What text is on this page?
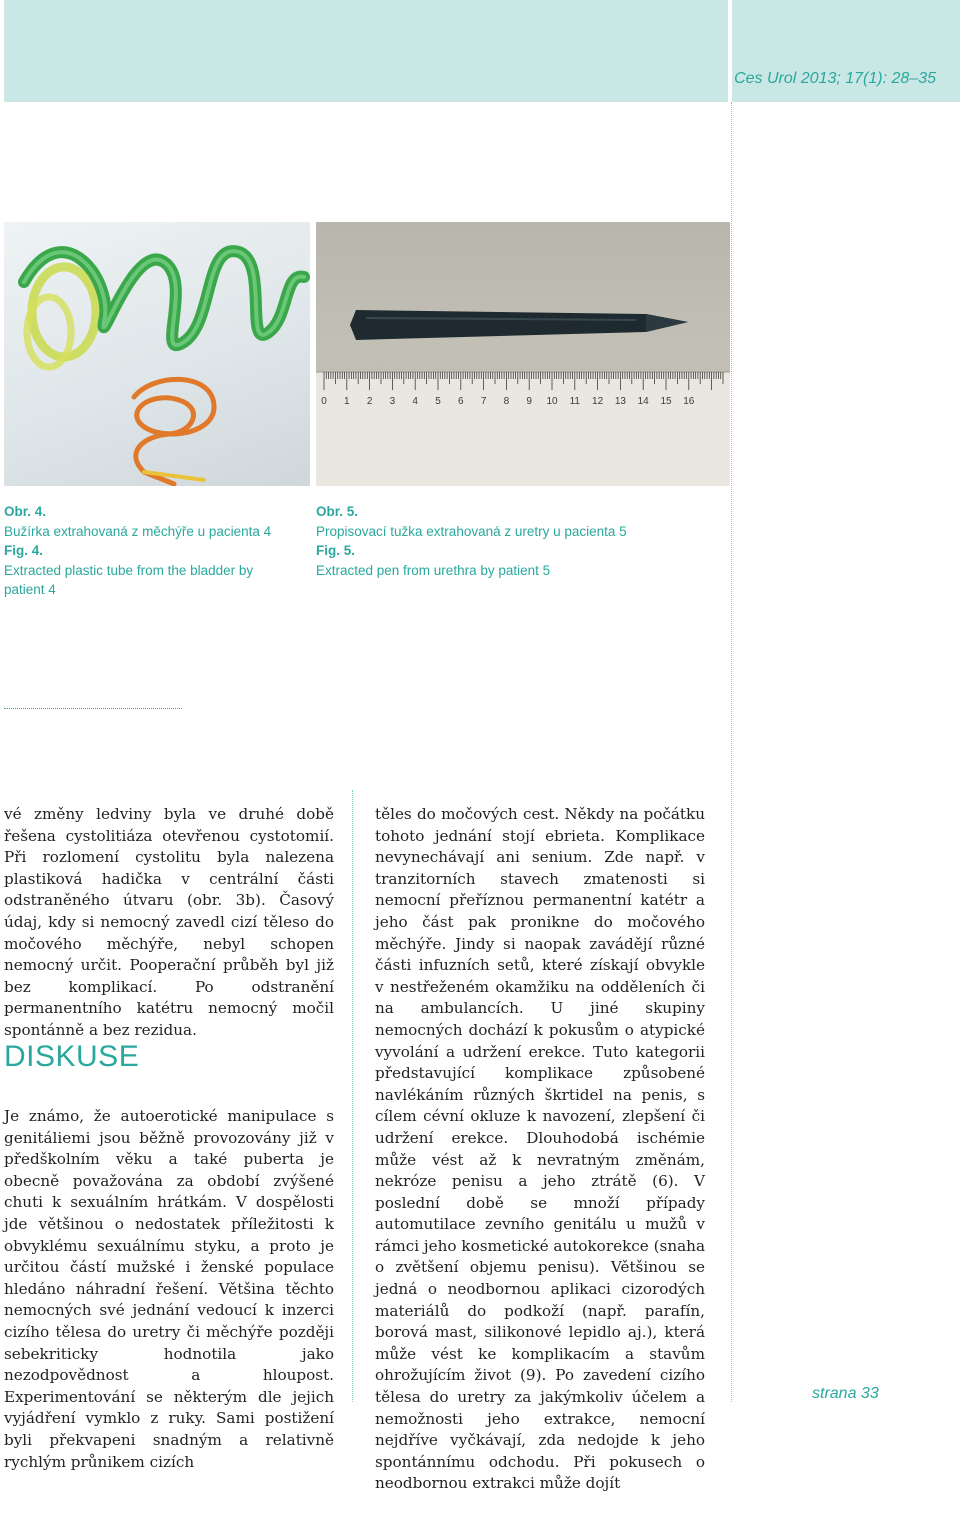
Ces Urol 2013; 17(1): 28–35
0 1 2 3 4 5 6 7 8 9 10 11 12 13 14 15 16
Obr. 4.
Bužírka extrahovaná z měchýře u pacienta 4
Fig. 4.
Extracted plastic tube from the bladder by patient 4
Obr. 5.
Propisovací tužka extrahovaná z uretry u pacienta 5
Fig. 5.
Extracted pen from urethra by patient 5

vé změny ledviny byla ve druhé době řešena cystolitiáza otevřenou cystotomií. Při rozlomení cystolitu byla nalezena plastiková hadička v centrální části odstraněného útvaru (obr. 3b). Časový údaj, kdy si nemocný zavedl cizí těleso do močového měchýře, nebyl schopen nemocný určit. Pooperační průběh byl již bez komplikací. Po odstranění permanentního katétru nemocný močil spontánně a bez rezidua.

DISKUSE

Je známo, že autoerotické manipulace s genitáliemi jsou běžně provozovány již v předškolním věku a také puberta je obecně považována za období zvýšené chuti k sexuálním hrátkám. V dospělosti jde většinou o nedostatek příležitosti k obvyklému sexuálnímu styku, a proto je určitou částí mužské i ženské populace hledáno náhradní řešení. Většina těchto nemocných své jednání vedoucí k inzerci cizího tělesa do uretry či měchýře později sebekriticky hodnotila jako nezodpovědnost a hloupost. Experimentování se některým dle jejich vyjádření vymklo z ruky. Sami postižení byli překvapeni snadným a relativně rychlým průnikem cizích

těles do močových cest. Někdy na počátku tohoto jednání stojí ebrieta. Komplikace nevynechávají ani senium. Zde např. v tranzitorních stavech zmatenosti si nemocní přeříznou permanentní katétr a jeho část pak pronikne do močového měchýře. Jindy si naopak zavádějí různé části infuzních setů, které získají obvykle v nestřeženém okamžiku na odděleních či na ambulancích. U jiné skupiny nemocných dochází k pokusům o atypické vyvolání a udržení erekce. Tuto kategorii představující komplikace způsobené navlékáním různých škrtidel na penis, s cílem cévní okluze k navození, zlepšení či udržení erekce. Dlouhodobá ischémie může vést až k nevratným změnám, nekróze penisu a jeho ztrátě (6). V poslední době se množí případy automutilace zevního genitálu u mužů v rámci jeho kosmetické autokorekce (snaha o zvětšení objemu penisu). Většinou se jedná o neodbornou aplikaci cizorodých materiálů do podkoží (např. parafín, borová mast, silikonové lepidlo aj.), která může vést ke komplikacím a stavům ohrožujícím život (9). Po zavedení cizího tělesa do uretry za jakýmkoliv účelem a nemožnosti jeho extrakce, nemocní nejdříve vyčkávají, zda nedojde k jeho spontánnímu odchodu. Při pokusech o neodbornou extrakci může dojít

strana 33
